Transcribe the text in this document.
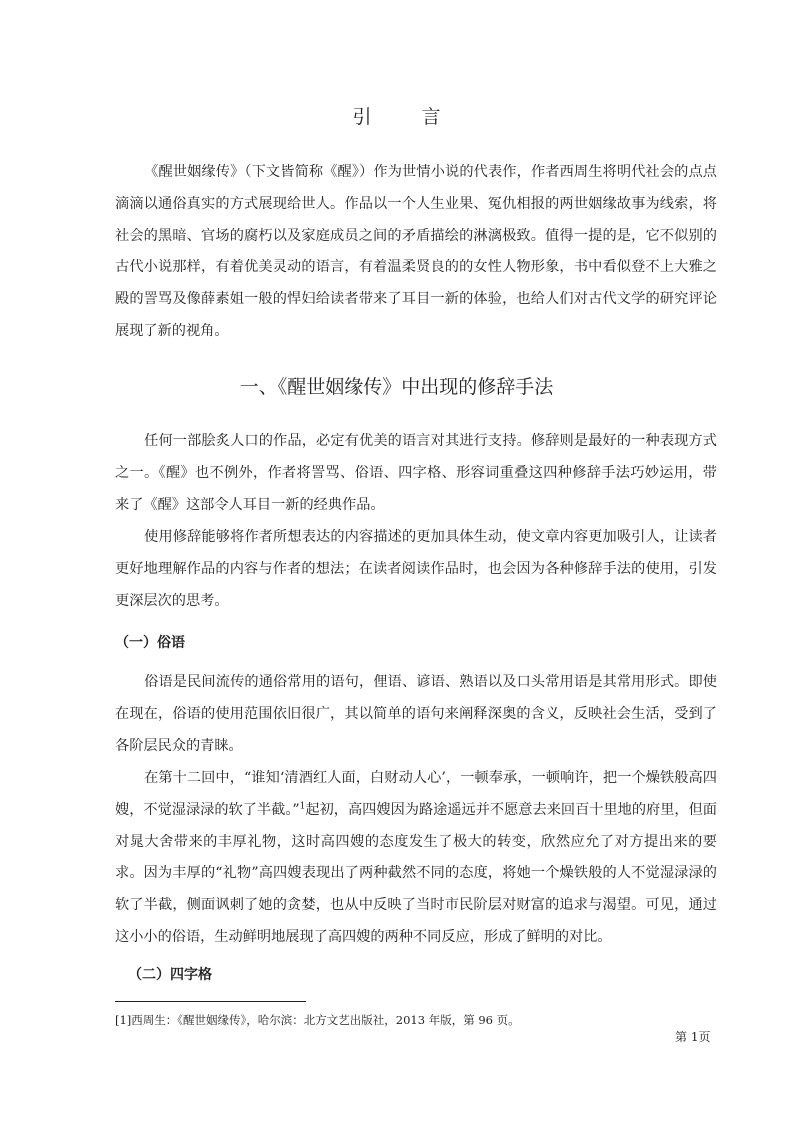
引 言

《醒世姻缘传》（下文皆简称《醒》）作为世情小说的代表作，作者西周生将明代社会的点点滴滴以通俗真实的方式展现给世人。作品以一个人生业果、冤仇相报的两世姻缘故事为线索，将社会的黑暗、官场的腐朽以及家庭成员之间的矛盾描绘的淋漓极致。值得一提的是，它不似别的古代小说那样，有着优美灵动的语言，有着温柔贤良的的女性人物形象，书中看似登不上大雅之殿的詈骂及像薛素姐一般的悍妇给读者带来了耳目一新的体验，也给人们对古代文学的研究评论展现了新的视角。

一、《醒世姻缘传》中出现的修辞手法

任何一部脍炙人口的作品，必定有优美的语言对其进行支持。修辞则是最好的一种表现方式之一。《醒》也不例外，作者将詈骂、俗语、四字格、形容词重叠这四种修辞手法巧妙运用，带来了《醒》这部令人耳目一新的经典作品。

使用修辞能够将作者所想表达的内容描述的更加具体生动，使文章内容更加吸引人，让读者更好地理解作品的内容与作者的想法；在读者阅读作品时，也会因为各种修辞手法的使用，引发更深层次的思考。

（一）俗语

俗语是民间流传的通俗常用的语句，俚语、谚语、熟语以及口头常用语是其常用形式。即使在现在，俗语的使用范围依旧很广，其以简单的语句来阐释深奥的含义，反映社会生活，受到了各阶层民众的青睐。

在第十二回中，“谁知‘清酒红人面，白财动人心’，一顿奉承，一顿响许，把一个燥铁般高四嫂，不觉湿渌渌的软了半截。”$^1$起初，高四嫂因为路途遥远并不愿意去来回百十里地的府里，但面对晁大舍带来的丰厚礼物，这时高四嫂的态度发生了极大的转变，欣然应允了对方提出来的要求。因为丰厚的“礼物”高四嫂表现出了两种截然不同的态度，将她一个燥铁般的人不觉湿渌渌的软了半截，侧面讽刺了她的贪婪，也从中反映了当时市民阶层对财富的追求与渴望。可见，通过这小小的俗语，生动鲜明地展现了高四嫂的两种不同反应，形成了鲜明的对比。

（二）四字格
[1]西周生：《醒世姻缘传》，哈尔滨：北方文艺出版社，2013 年版，第 96 页。
第 1页
